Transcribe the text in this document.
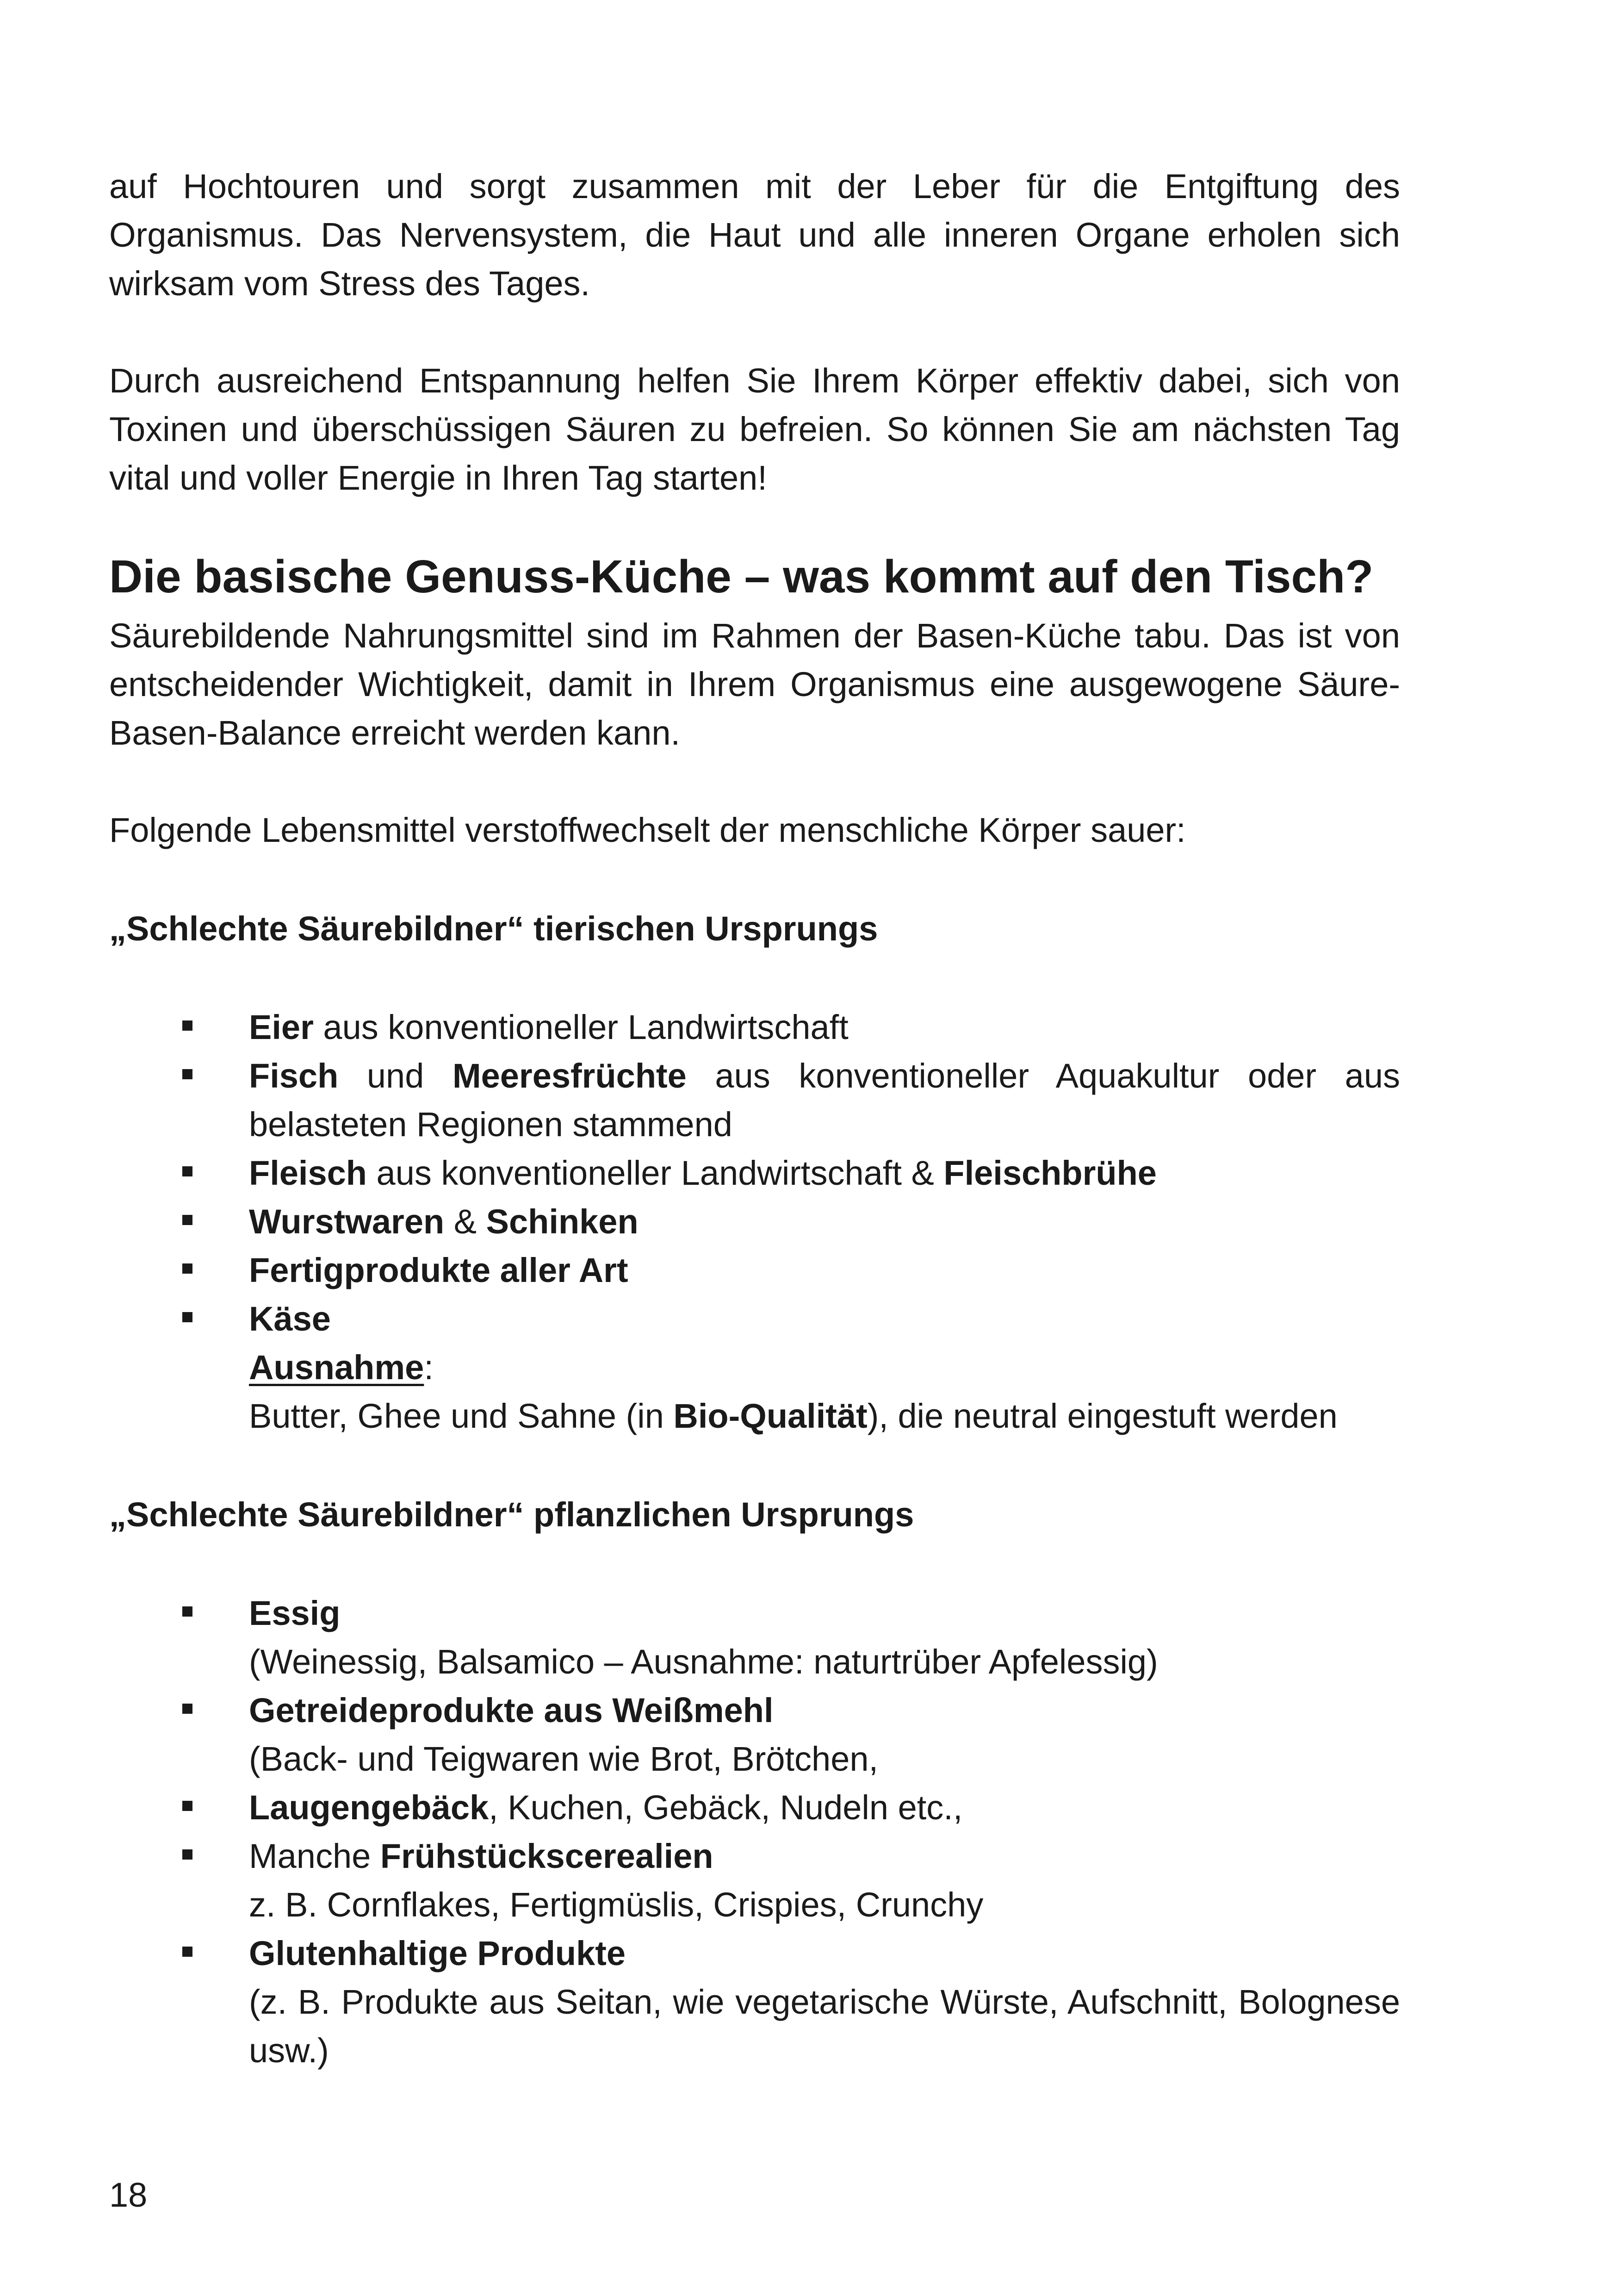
auf Hochtouren und sorgt zusammen mit der Leber für die Entgiftung des Organismus. Das Nervensystem, die Haut und alle inneren Organe erholen sich wirksam vom Stress des Tages.

Durch ausreichend Entspannung helfen Sie Ihrem Körper effektiv dabei, sich von Toxinen und überschüssigen Säuren zu befreien. So können Sie am nächsten Tag vital und voller Energie in Ihren Tag starten!

Die basische Genuss-Küche – was kommt auf den Tisch?

Säurebildende Nahrungsmittel sind im Rahmen der Basen-Küche tabu. Das ist von entscheidender Wichtigkeit, damit in Ihrem Organismus eine ausgewogene Säure-Basen-Balance erreicht werden kann.

Folgende Lebensmittel verstoffwechselt der menschliche Körper sauer:

„Schlechte Säurebildner“ tierischen Ursprungs
Eier aus konventioneller Landwirtschaft
Fisch und Meeresfrüchte aus konventioneller Aquakultur oder aus belasteten Regionen stammend
Fleisch aus konventioneller Landwirtschaft & Fleischbrühe
Wurstwaren & Schinken
Fertigprodukte aller Art
Käse
Ausnahme:
Butter, Ghee und Sahne (in Bio-Qualität), die neutral eingestuft werden
„Schlechte Säurebildner“ pflanzlichen Ursprungs
Essig
(Weinessig, Balsamico – Ausnahme: naturtrüber Apfelessig)
Getreideprodukte aus Weißmehl
(Back- und Teigwaren wie Brot, Brötchen,
Laugengebäck, Kuchen, Gebäck, Nudeln etc.,
Manche Frühstückscerealien
z. B. Cornflakes, Fertigmüslis, Crispies, Crunchy
Glutenhaltige Produkte
(z. B. Produkte aus Seitan, wie vegetarische Würste, Aufschnitt, Bolognese usw.)
18
